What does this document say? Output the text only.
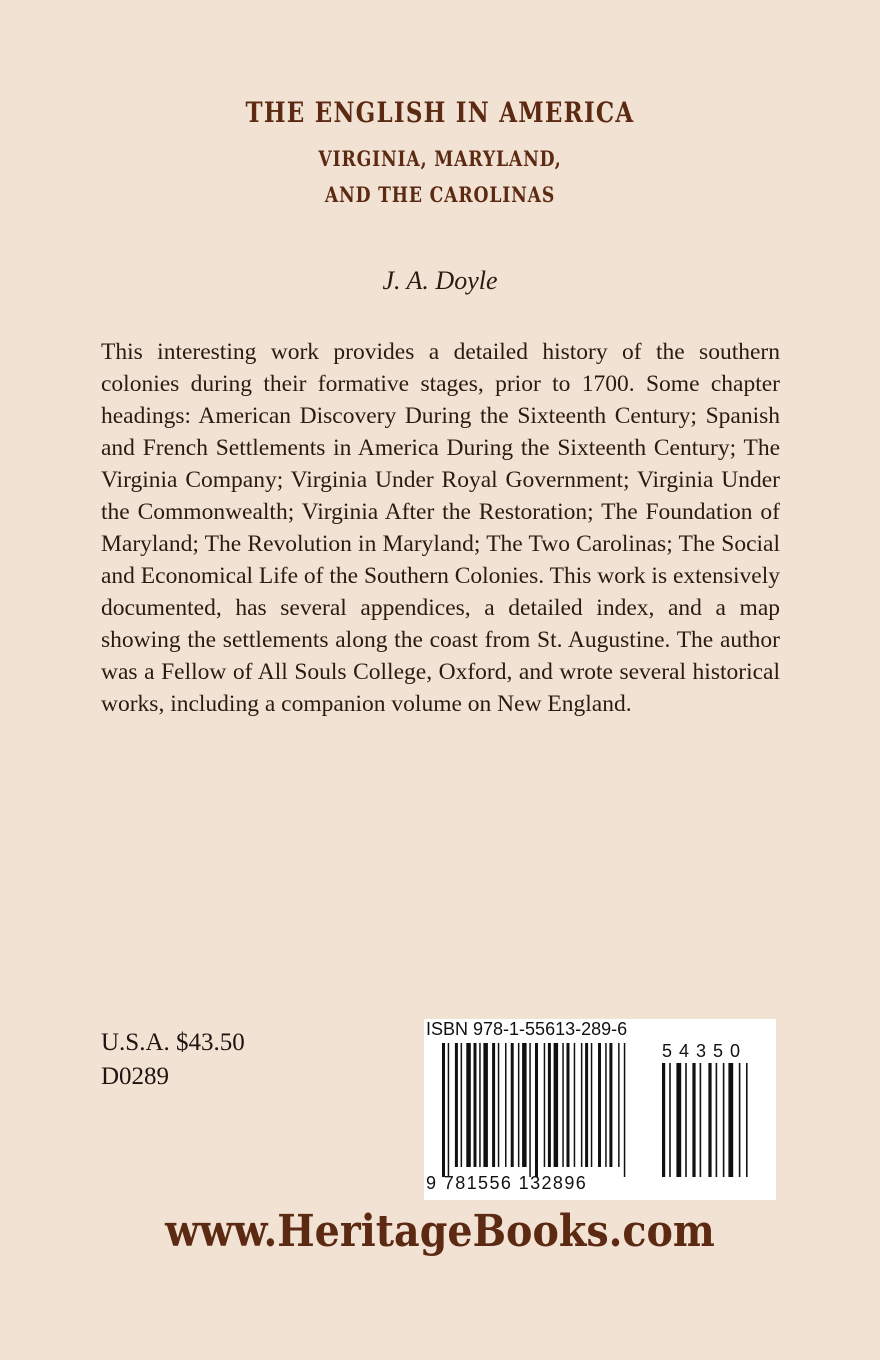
THE ENGLISH IN AMERICA
VIRGINIA, MARYLAND,
AND THE CAROLINAS

J. A. Doyle

This interesting work provides a detailed history of the southern colonies during their formative stages, prior to 1700. Some chapter headings: American Discovery During the Sixteenth Century; Spanish and French Settlements in America During the Sixteenth Century; The Virginia Company; Virginia Under Royal Government; Virginia Under the Commonwealth; Virginia After the Restoration; The Foundation of Maryland; The Revolution in Maryland; The Two Carolinas; The Social and Economical Life of the Southern Colonies. This work is extensively documented, has several appendices, a detailed index, and a map showing the settlements along the coast from St. Augustine. The author was a Fellow of All Souls College, Oxford, and wrote several historical works, including a companion volume on New England.

U.S.A. $43.50
D0289
ISBN 978-1-55613-289-6
54350
9 781556 132896

www.HeritageBooks.com
